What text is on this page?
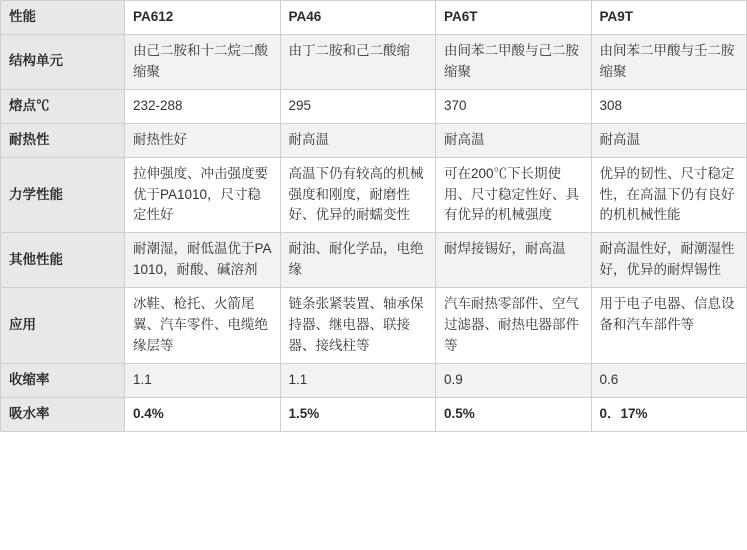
性能	PA612	PA46	PA6T	PA9T
结构单元	由己二胺和十二烷二酸缩聚	由丁二胺和己二酸缩	由间苯二甲酸与己二胺缩聚	由间苯二甲酸与壬二胺缩聚
熔点℃	232-288	295	370	308
耐热性	耐热性好	耐高温	耐高温	耐高温
力学性能	拉伸强度、冲击强度要优于PA1010，尺寸稳定性好	高温下仍有较高的机械强度和刚度，耐磨性好、优异的耐蠕变性	可在200℃下长期使用、尺寸稳定性好、具有优异的机械强度	优异的韧性、尺寸稳定性，在高温下仍有良好的机机械性能
其他性能	耐潮湿，耐低温优于PA1010，耐酸、碱溶剂	耐油、耐化学品，电绝缘	耐焊接锡好，耐高温	耐高温性好，耐潮湿性好，优异的耐焊锡性
应用	冰鞋、枪托、火箭尾翼、汽车零件、电缆绝缘层等	链条张紧装置、轴承保持器、继电器、联接器、接线柱等	汽车耐热零部件、空气过滤器、耐热电器部件等	用于电子电器、信息设备和汽车部件等
收缩率	1.1	1.1	0.9	0.6
吸水率	0.4%	1.5%	0.5%	0．17%
